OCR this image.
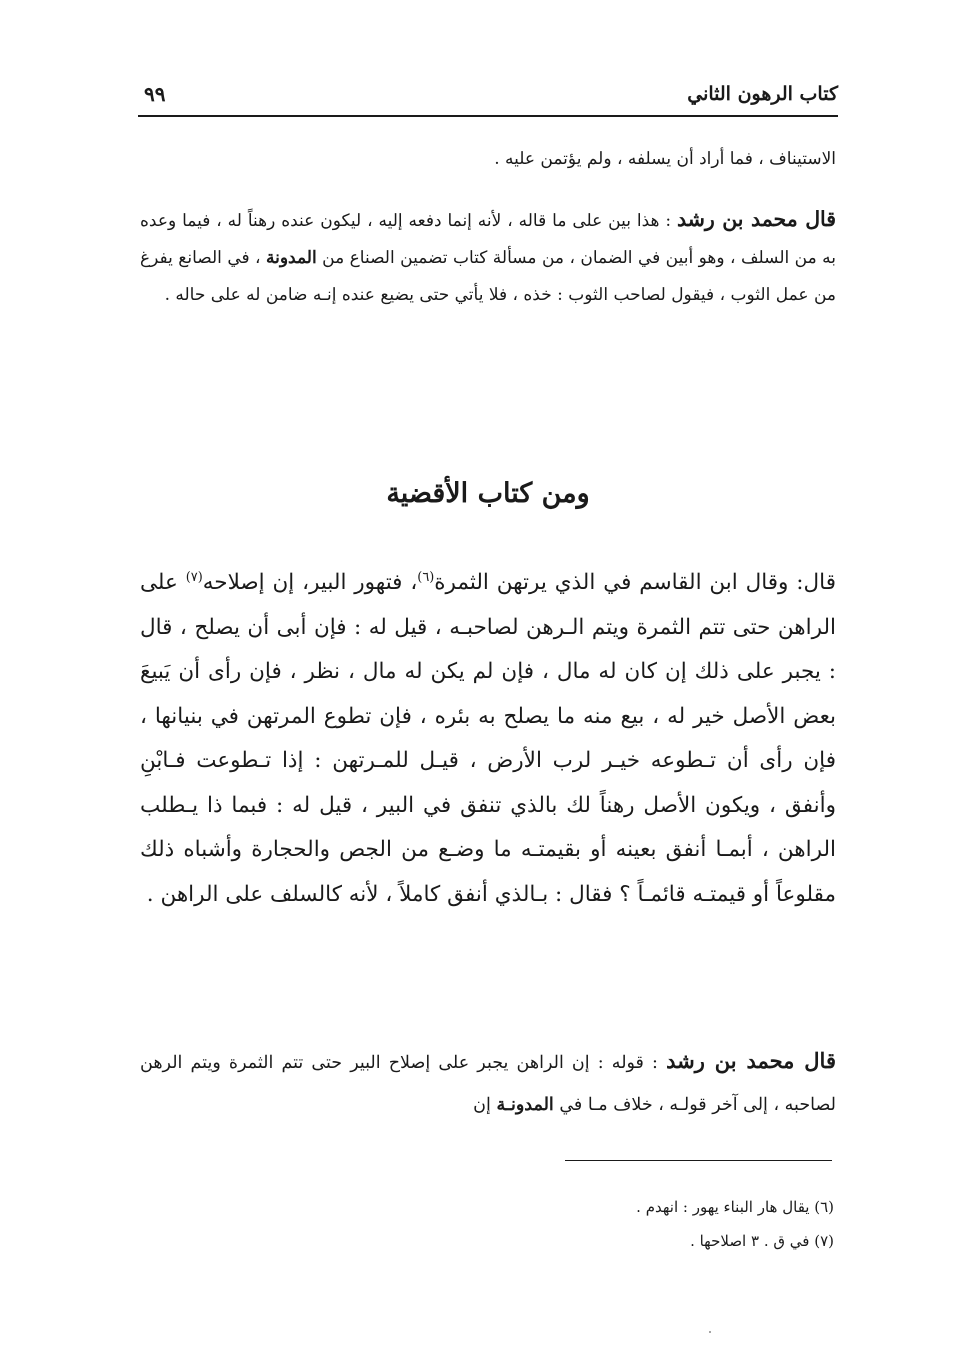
كتاب الرهون الثاني
٩٩

الاستيناف ، فما أراد أن يسلفه ، ولم يؤتمن عليه .

قال محمد بن رشد : هذا بين على ما قاله ، لأنه إنما دفعه إليه ، ليكون عنده رهناً له ، فيما وعده به من السلف ، وهو أبين في الضمان ، من مسألة كتاب تضمين الصناع من المدونة ، في الصانع يفرغ من عمل الثوب ، فيقول لصاحب الثوب : خذه ، فلا يأتي حتى يضيع عنده إنـه ضامن له على حاله .

ومن كتاب الأقضية

قال: وقال ابن القاسم في الذي يرتهن الثمرة$^{(٦)}$، فتهور البير، إن إصلاحه$^{(٧)}$ على الراهن حتى تتم الثمرة ويتم الـرهن لصاحبـه ، قيل له : فإن أبى أن يصلح ، قال : يجبر على ذلك إن كان له مال ، فإن لم يكن له مال ، نظر ، فإن رأى أن يَبيعَ بعض الأصل خير له ، بيع منه ما يصلح به بئره ، فإن تطوع المرتهن في بنيانها ، فإن رأى أن تـطوعه خيـر لرب الأرض ، قيـل للمـرتهن : إذا تـطوعت فـابْنِ وأنفق ، ويكون الأصل رهناً لك بالذي تنفق في البير ، قيل له : فبما ذا يـطلب الراهن ، أبمـا أنفق بعينه أو بقيمتـه ما وضـع من الجص والحجارة وأشباه ذلك مقلوعاً أو قيمتـه قائمـاً ؟ فقال : بـالذي أنفق كاملاً ، لأنه كالسلف على الراهن .

قال محمد بن رشد : قوله : إن الراهن يجبر على إصلاح البير حتى تتم الثمرة ويتم الرهن لصاحبه ، إلى آخر قولـه ، خلاف مـا في المدونـة إن

(٦) يقال هار البناء يهور : انهدم .
(٧) في ق . ٣ اصلاحها .
